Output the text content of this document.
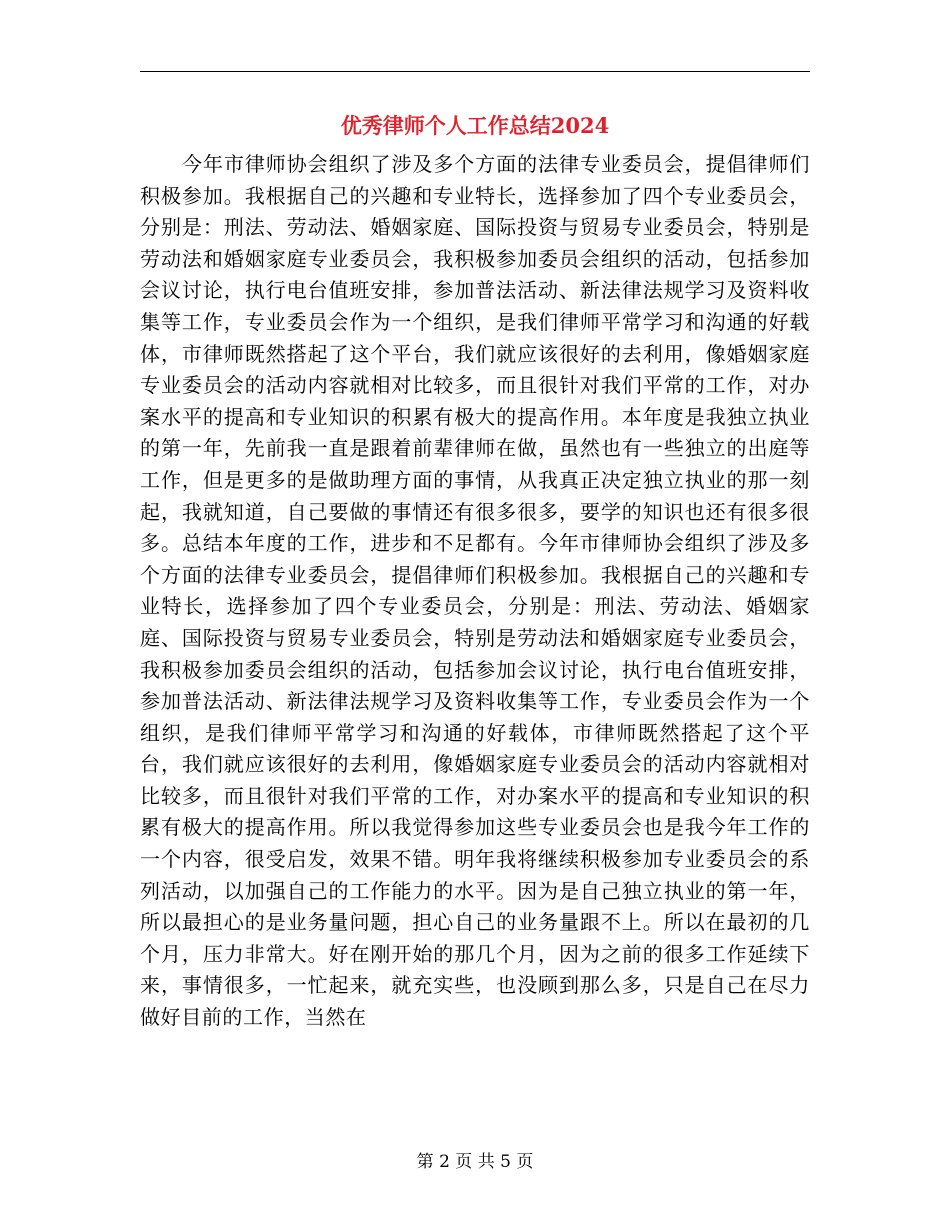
优秀律师个人工作总结2024

今年市律师协会组织了涉及多个方面的法律专业委员会，提倡律师们积极参加。我根据自己的兴趣和专业特长，选择参加了四个专业委员会，分别是：刑法、劳动法、婚姻家庭、国际投资与贸易专业委员会，特别是劳动法和婚姻家庭专业委员会，我积极参加委员会组织的活动，包括参加会议讨论，执行电台值班安排，参加普法活动、新法律法规学习及资料收集等工作，专业委员会作为一个组织，是我们律师平常学习和沟通的好载体，市律师既然搭起了这个平台，我们就应该很好的去利用，像婚姻家庭专业委员会的活动内容就相对比较多，而且很针对我们平常的工作，对办案水平的提高和专业知识的积累有极大的提高作用。本年度是我独立执业的第一年，先前我一直是跟着前辈律师在做，虽然也有一些独立的出庭等工作，但是更多的是做助理方面的事情，从我真正决定独立执业的那一刻起，我就知道，自己要做的事情还有很多很多，要学的知识也还有很多很多。总结本年度的工作，进步和不足都有。今年市律师协会组织了涉及多个方面的法律专业委员会，提倡律师们积极参加。我根据自己的兴趣和专业特长，选择参加了四个专业委员会，分别是：刑法、劳动法、婚姻家庭、国际投资与贸易专业委员会，特别是劳动法和婚姻家庭专业委员会，我积极参加委员会组织的活动，包括参加会议讨论，执行电台值班安排，参加普法活动、新法律法规学习及资料收集等工作，专业委员会作为一个组织，是我们律师平常学习和沟通的好载体，市律师既然搭起了这个平台，我们就应该很好的去利用，像婚姻家庭专业委员会的活动内容就相对比较多，而且很针对我们平常的工作，对办案水平的提高和专业知识的积累有极大的提高作用。所以我觉得参加这些专业委员会也是我今年工作的一个内容，很受启发，效果不错。明年我将继续积极参加专业委员会的系列活动，以加强自己的工作能力的水平。因为是自己独立执业的第一年，所以最担心的是业务量问题，担心自己的业务量跟不上。所以在最初的几个月，压力非常大。好在刚开始的那几个月，因为之前的很多工作延续下来，事情很多，一忙起来，就充实些，也没顾到那么多，只是自己在尽力做好目前的工作，当然在

第 2 页 共 5 页
